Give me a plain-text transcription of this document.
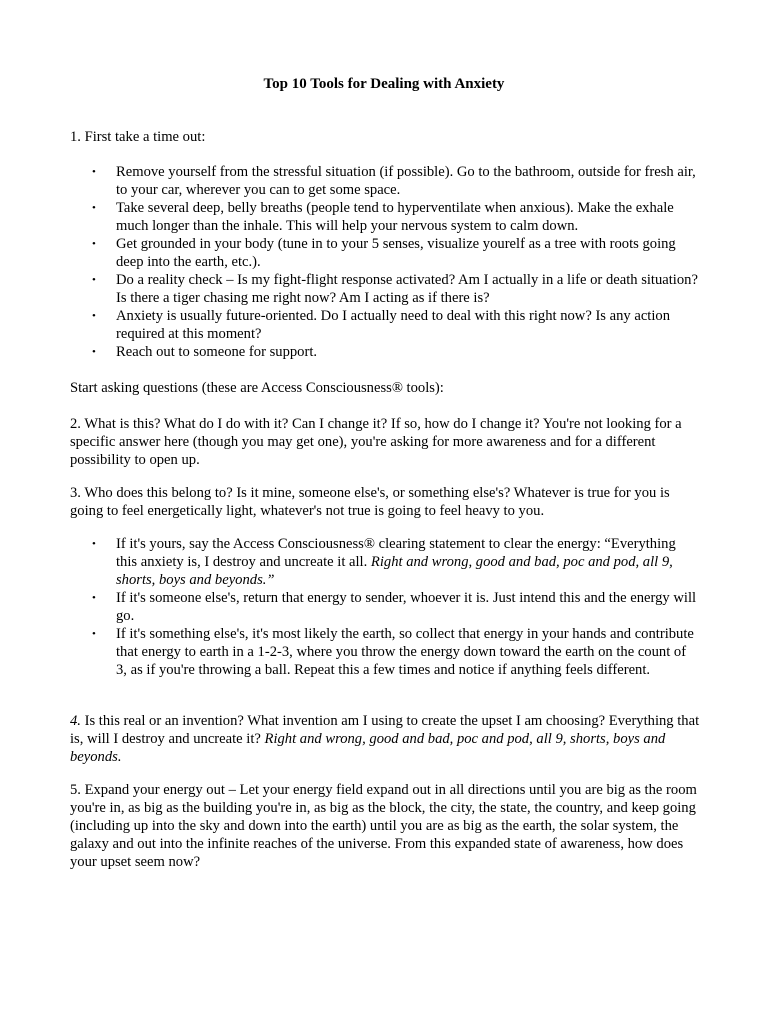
Top 10 Tools for Dealing with Anxiety

1. First take a time out:

• Remove yourself from the stressful situation (if possible). Go to the bathroom, outside for fresh air, to your car, wherever you can to get some space.
• Take several deep, belly breaths (people tend to hyperventilate when anxious). Make the exhale much longer than the inhale. This will help your nervous system to calm down.
• Get grounded in your body (tune in to your 5 senses, visualize yourelf as a tree with roots going deep into the earth, etc.).
• Do a reality check – Is my fight-flight response activated? Am I actually in a life or death situation? Is there a tiger chasing me right now? Am I acting as if there is?
• Anxiety is usually future-oriented. Do I actually need to deal with this right now? Is any action required at this moment?
• Reach out to someone for support.

Start asking questions (these are Access Consciousness® tools):

2. What is this? What do I do with it? Can I change it? If so, how do I change it? You're not looking for a specific answer here (though you may get one), you're asking for more awareness and for a different possibility to open up.

3. Who does this belong to? Is it mine, someone else's, or something else's? Whatever is true for you is going to feel energetically light, whatever's not true is going to feel heavy to you.

• If it's yours, say the Access Consciousness® clearing statement to clear the energy: “Everything this anxiety is, I destroy and uncreate it all. Right and wrong, good and bad, poc and pod, all 9, shorts, boys and beyonds.”
• If it's someone else's, return that energy to sender, whoever it is. Just intend this and the energy will go.
• If it's something else's, it's most likely the earth, so collect that energy in your hands and contribute that energy to earth in a 1-2-3, where you throw the energy down toward the earth on the count of 3, as if you're throwing a ball. Repeat this a few times and notice if anything feels different.

4. Is this real or an invention? What invention am I using to create the upset I am choosing? Everything that is, will I destroy and uncreate it? Right and wrong, good and bad, poc and pod, all 9, shorts, boys and beyonds.

5. Expand your energy out – Let your energy field expand out in all directions until you are big as the room you're in, as big as the building you're in, as big as the block, the city, the state, the country, and keep going (including up into the sky and down into the earth) until you are as big as the earth, the solar system, the galaxy and out into the infinite reaches of the universe. From this expanded state of awareness, how does your upset seem now?
